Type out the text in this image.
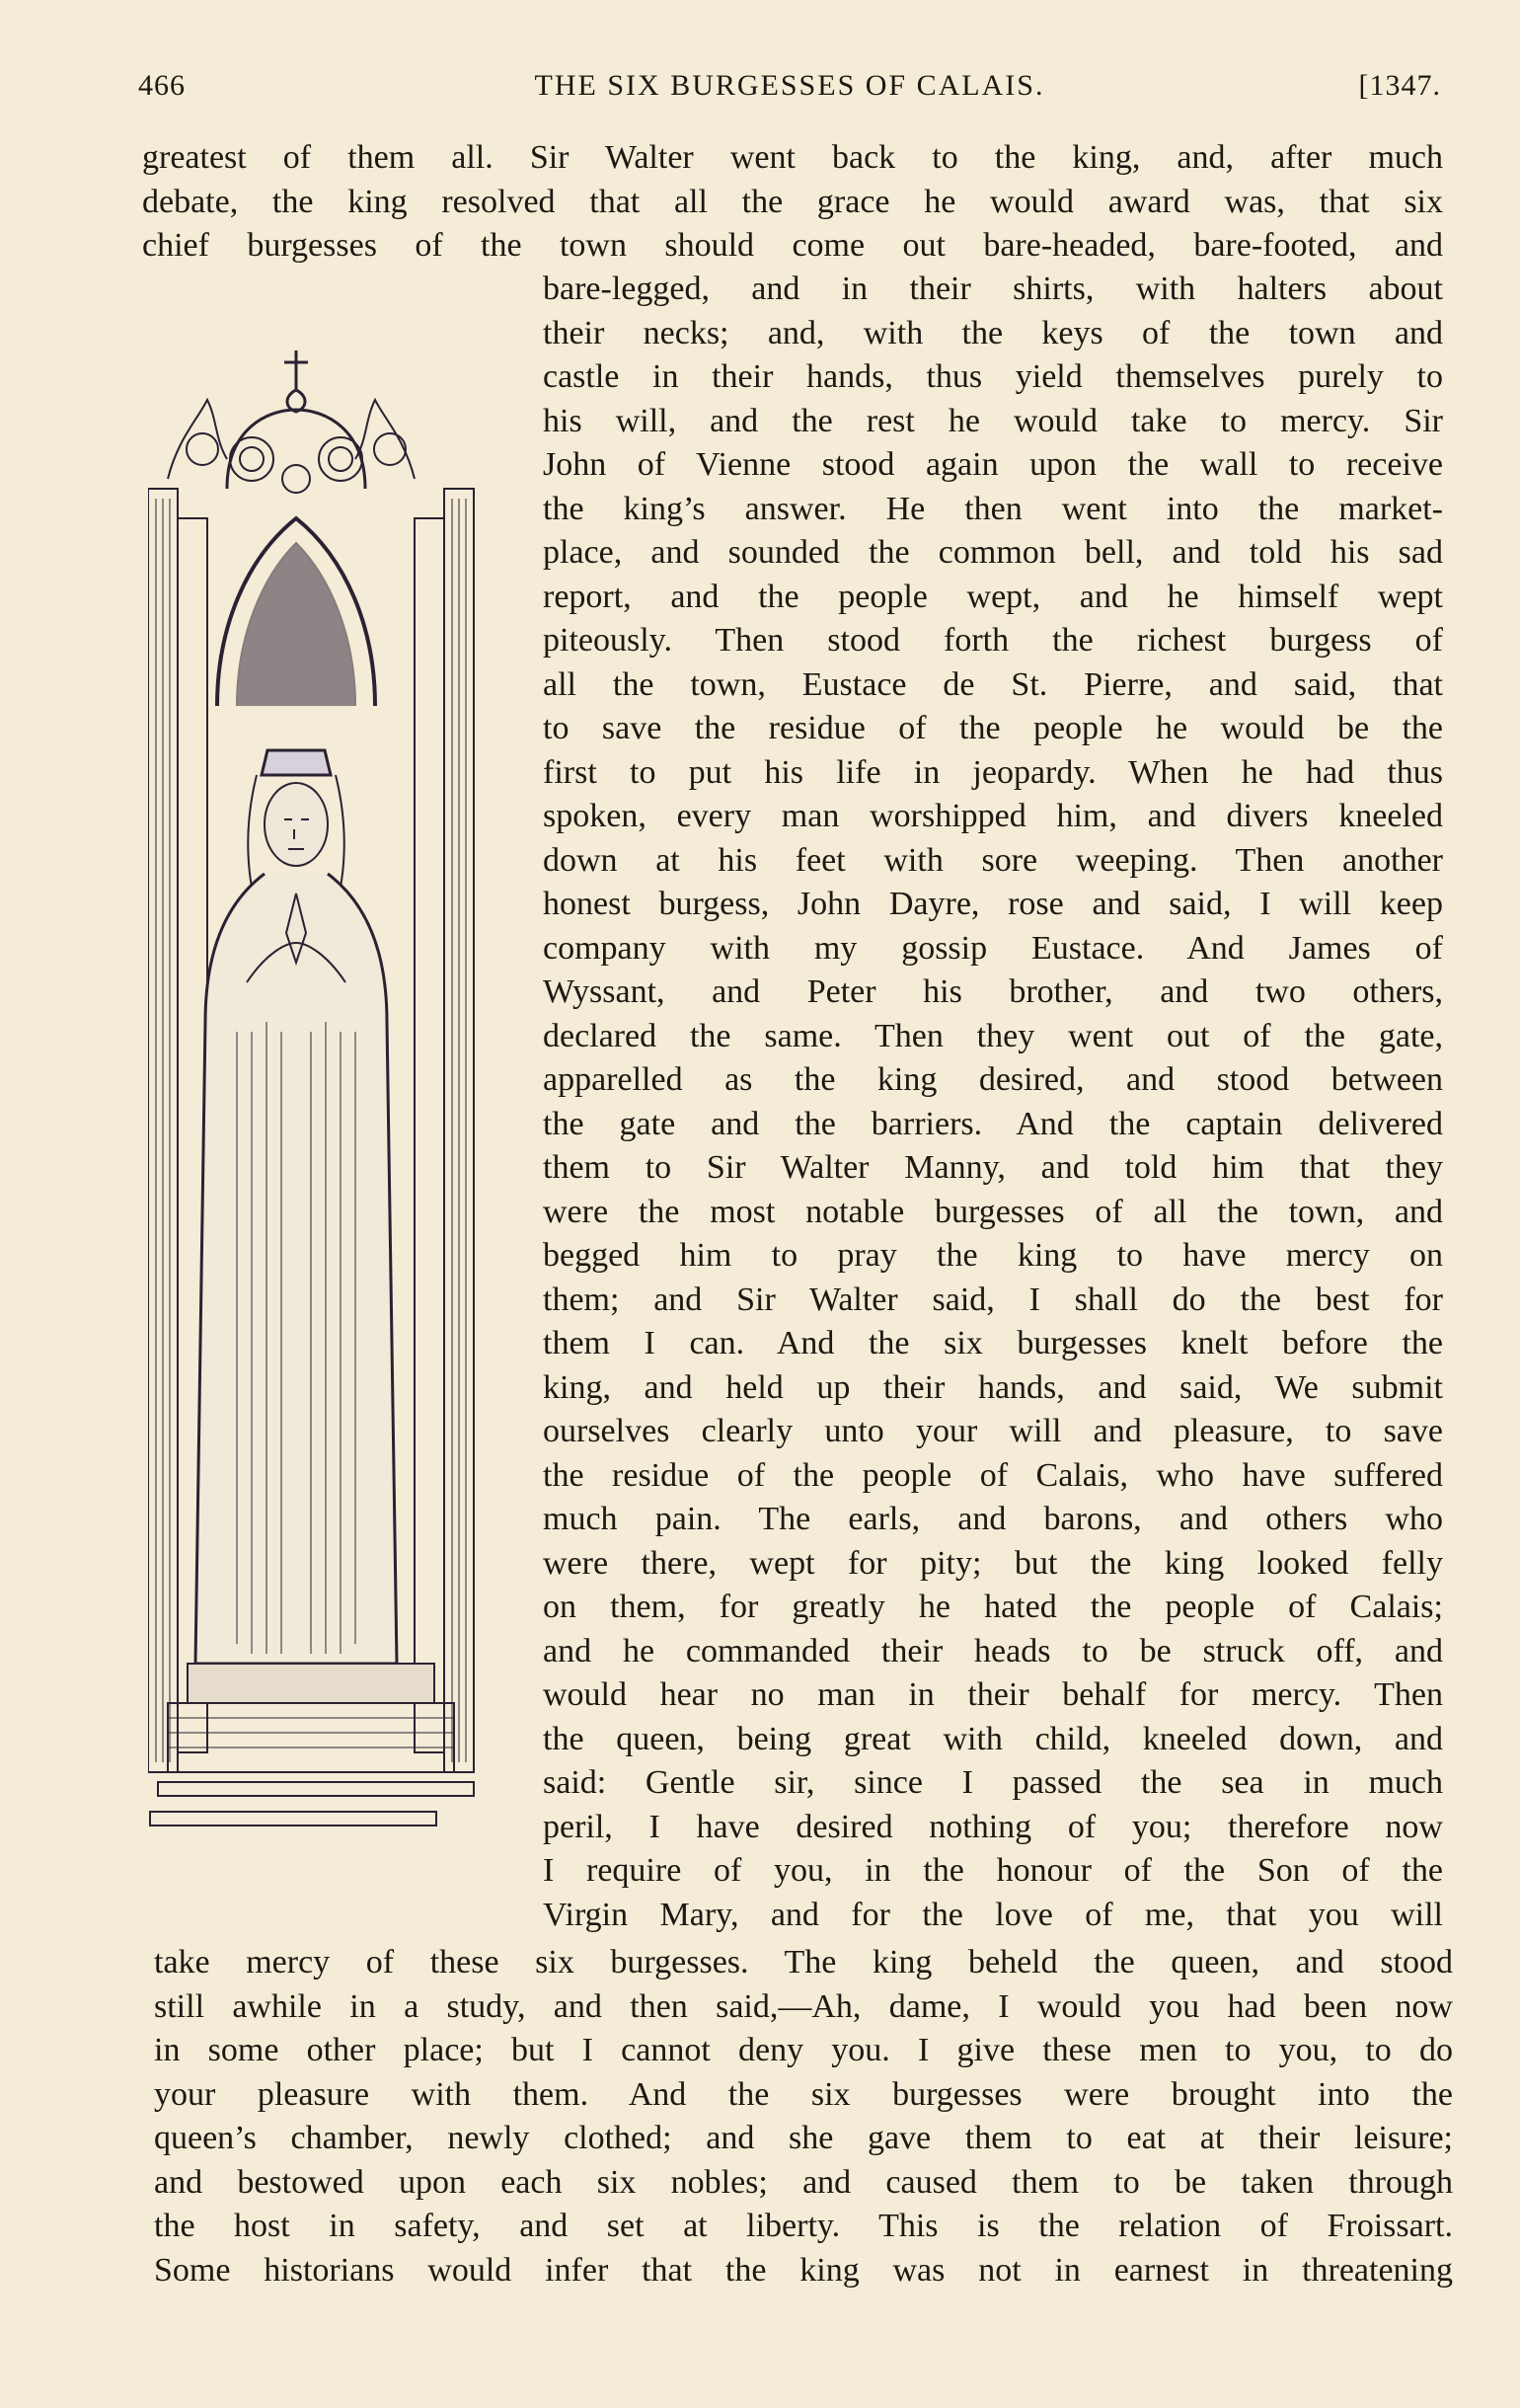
466	THE SIX BURGESSES OF CALAIS.	[1347.
greatest of them all. Sir Walter went back to the king, and, after much
debate, the king resolved that all the grace he would award was, that six
chief burgesses of the town should come out bare-headed, bare-footed, and
bare-legged, and in their shirts, with halters about
their necks; and, with the keys of the town and
castle in their hands, thus yield themselves purely to
his will, and the rest he would take to mercy. Sir
John of Vienne stood again upon the wall to receive
the king’s answer. He then went into the market-
place, and sounded the common bell, and told his sad
report, and the people wept, and he himself wept
piteously. Then stood forth the richest burgess of
all the town, Eustace de St. Pierre, and said, that
to save the residue of the people he would be the
first to put his life in jeopardy. When he had thus
spoken, every man worshipped him, and divers kneeled
down at his feet with sore weeping. Then another
honest burgess, John Dayre, rose and said, I will keep
company with my gossip Eustace. And James of
Wyssant, and Peter his brother, and two others,
declared the same. Then they went out of the gate,
apparelled as the king desired, and stood between
the gate and the barriers. And the captain delivered
them to Sir Walter Manny, and told him that they
were the most notable burgesses of all the town, and
begged him to pray the king to have mercy on
them; and Sir Walter said, I shall do the best for
them I can. And the six burgesses knelt before the
king, and held up their hands, and said, We submit
ourselves clearly unto your will and pleasure, to save
the residue of the people of Calais, who have suffered
much pain. The earls, and barons, and others who
were there, wept for pity; but the king looked felly
on them, for greatly he hated the people of Calais;
and he commanded their heads to be struck off, and
would hear no man in their behalf for mercy. Then
the queen, being great with child, kneeled down, and
said: Gentle sir, since I passed the sea in much
peril, I have desired nothing of you; therefore now
I require of you, in the honour of the Son of the
Virgin Mary, and for the love of me, that you will
take mercy of these six burgesses. The king beheld the queen, and stood
still awhile in a study, and then said,—Ah, dame, I would you had been now
in some other place; but I cannot deny you. I give these men to you, to do
your pleasure with them. And the six burgesses were brought into the
queen’s chamber, newly clothed; and she gave them to eat at their leisure;
and bestowed upon each six nobles; and caused them to be taken through
the host in safety, and set at liberty. This is the relation of Froissart.
Some historians would infer that the king was not in earnest in threatening
